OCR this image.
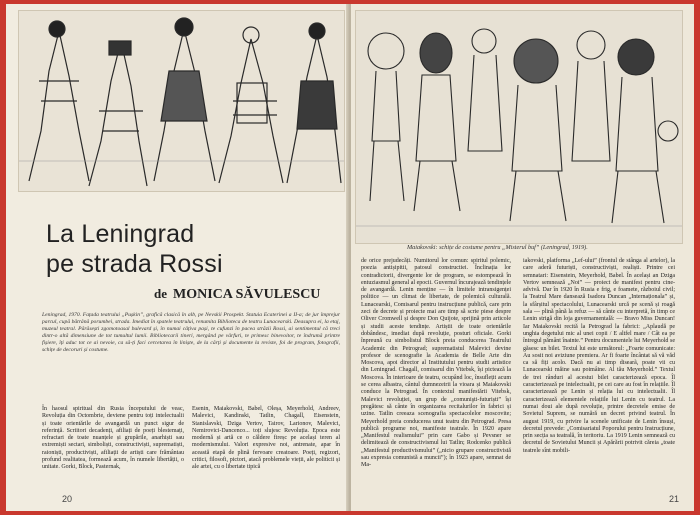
La Leningrad
pe strada Rossi
de MONICA SĂVULESCU
Leningrad, 1970. Fațada teatrului „Pușkin”, grafică clasică în alb, pe Nevskii Prospekt. Statuia Ecaterinei a II-a; de jur împrejur parcul, cupă bătrână porumbei, strada. Imediat în spatele teatrului, renumita Biblioteca de teatru Lunacearski. Deasupra ei, la etaj, muzeul teatral. Părăsești zgomotoasal bulevard și, în numai câțiva pași, te cufunzi în pacea străzii Rossi, ai sentimentul că treci dintr-o altă dimensiune de tot tumultul lumii. Bibliotecarii tineri, mergând pe vârfuri, te primesc binevoitor, te îndrumă printre fișiere, îți aduc tot ce ai nevoie, ca să-ți faci cercetarea în liniște, de la cărți și documente la reviste, foi de program, fotografii, schițe de decoruri și costume.
În haosul spiritual din Rusia începutului de veac, Revoluția din Octombrie, deviene pentru toți intelectualii și toate orientările de avangardă un punct sigur de referință. Scriitori decadenți, afiliați de poeți blestemați, refractari de toate nuanțele și grupările, anarhiști sau extremiști sectari, simboliști, constructiviști, suprematiști, raioniști, productiviști, afiliații de artiști care frământau profund realitatea, formează acum, în numele libertății, o unitate. Gorki, Block, Pasternak,
Esenin, Maiakovski, Babel, Oleșa, Meyerhold, Andreev, Malevici, Kandinski, Tatlin, Chagall, Eisenstein, Stanislavski, Dziga Vertov, Tairov, Larionov, Malevici, Nemirovici-Dancenco... toți slujesc Revoluția. Epoca este modernă și artă ce o căldere fireșc pe același teren al modernismului. Valori expresive noi, antrenate, apar în această etapă de plină fervoare creatoare. Poeți, regizori, critici, filosofi, pictori, atacă problemele vieții, ale politicii și ale artei, cu o libertate tipică
20
Maiakovski: schițe de costume pentru „Misterul buf” (Leningrad, 1919).
de orice prejudecăți. Numitorul lor comun: spiritul polemic, poezia antișipitii, patosul constructiei. Înclinația lor contradictorii, divergente lor de program, se estompează în entuziasmul general al epocii. Guvernul încurajează tendințele de avangardă. Lenin menține — în limitele intransigenței politice — un climat de libertate, de polemică culturală. Lunacearski, Comisarul pentru instrucțiune publică, care prin zeci de decrete și proiecte mai are timp să scrie piese despre Oliver Cromwell și despre Don Quijote, sprijină prin articole și studii aceste tendințe. Artiștii de toate orientările dobândesc, imediat după revoluție, posturi oficiale. Gorki înpreună cu simbolistul Block preia conducerea Teatrului Academic din Petrograd; suprematistul Malevici devine profesor de scenografie la Academia de Belle Arte din Moscova, apoi director al Institutului pentru studii artistice din Leningrad. Chagall, comisarul din Vitebsk, își pictează la Moscova. În interioare de teatru, ocupând loc, însuflețit acum se cerea albastra, cântul dumnezeirii la vioara și Maiakovski conduce la Petrograd. În contextul manifestării Vitebsk, Malevici revoluției, un grup de „comunişti-futuriști” își pregătesc să cânte în organizarea recitalurilor în fabrici și uzine. Tatlin creeaza scenografia spectacolelor moscovite; Meyerhold preia conducerea unui teatru din Petrograd. Presa publică programe noi, manifeste teatrale. În 1920 apare „Manifestul realismului” prin care Gabo și Pevsner se delimitează de constructivismul lui Tatlin; Rodcenko publică „Manifestul productivismului” („nicio grupare constructivistă sau expresia comunistă a muncii”); în 1923 apare, semnat de Ma-
iakovski, platforma „Lef-ului” (frontul de stânga al artelor), la care aderă futuriști, constructiviști, realiști. Printre cei semnatari: Eisenstein, Meyerhold, Babel. În același an Dziga Vertov semnează „Noi” — proiect de manifest pentru cine-advivă. Dar în 1920 în Rusia e frig, e foamete, războiul civil; la Teatrul Mare dansează Isadora Duncan „Internaționala” și, la sfârșitul spectacolului, Lunacearski urcă pe scenă și roagă sala — plină până la refuz — să cânte cu interpretă, în timp ce Lenin strigă din loja guvernamentală: — Bravo Miss Duncan! Iar Maiakovski recită la Petrograd la fabrici: „Aplaudă pe unghia degetului mic al unei copii / E altfel mare / Cât ea pe întregul pământ înainte.” Pentru documentele lui Meyerhold se găsesc un bilet. Textul lui este următorul: „Foarte comunicate: Au sosit noi aviziune premiera. Ar fi foarte încântat să vă văd ca să fiți acolo. Dacă nu ai timp disearã, poate vii cu Lunacearski măine sau poimâine. Al tău Meyerhold.” Textul de trei rânduri al acestui bilet caracterizează epoca. Îl caracterizează pe intelectualii, pe cei care au fost în relațiile. Îl caracterizează pe Lenin și relația lui cu intelectualii. Îl caracterizează elementele relațiile lui Lenin cu teatrul. La numai doui ale după revoluție, printre decretele emise de Sovietul Suprem, se numără un decret privind teatrul. În august 1919, cu privire la scenele unificate de Lenin însuși, decretul prevede: „Comisariatul Poporului pentru Instrucțiune, prin secția sa teatrală, în teritoriu. La 1919 Lenin semnează cu decretul de Sovietului Muncii și Apărării potrivit căreia „toate teatrele sînt mobili-
21
